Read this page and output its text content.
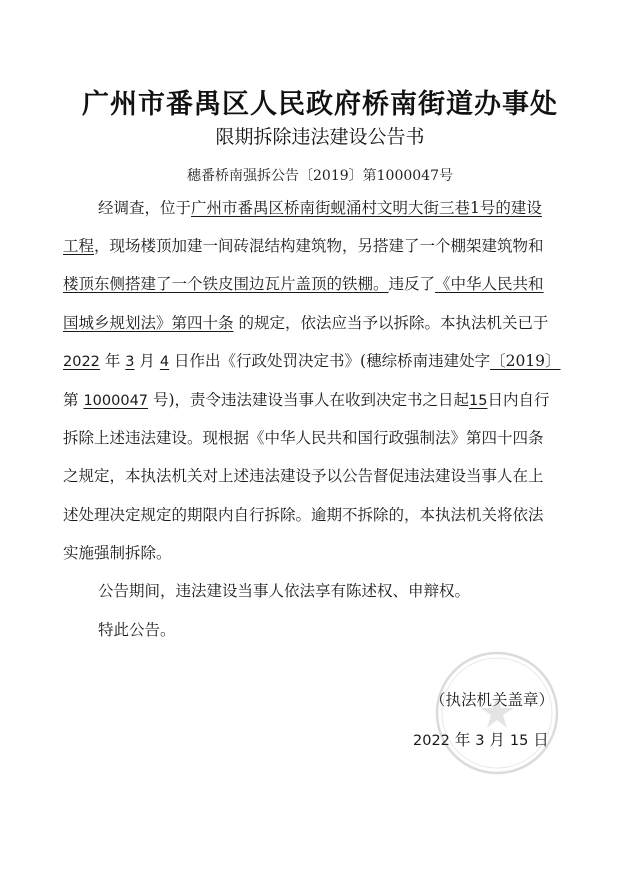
广州市番禺区人民政府桥南街道办事处
限期拆除违法建设公告书
穗番桥南强拆公告〔2019〕第1000047号
经调查，位于广州市番禺区桥南街蚬涌村文明大街三巷1号的建设
工程，现场楼顶加建一间砖混结构建筑物，另搭建了一个棚架建筑物和
楼顶东侧搭建了一个铁皮围边瓦片盖顶的铁棚。违反了《中华人民共和
国城乡规划法》第四十条 的规定，依法应当予以拆除。本执法机关已于
2022 年 3 月 4 日作出《行政处罚决定书》(穗综桥南违建处字〔2019〕
第 1000047 号)，责令违法建设当事人在收到决定书之日起15日内自行
拆除上述违法建设。现根据《中华人民共和国行政强制法》第四十四条
之规定，本执法机关对上述违法建设予以公告督促违法建设当事人在上
述处理决定规定的期限内自行拆除。逾期不拆除的，本执法机关将依法
实施强制拆除。
公告期间，违法建设当事人依法享有陈述权、申辩权。
特此公告。
（执法机关盖章）
2022 年 3 月 15 日
